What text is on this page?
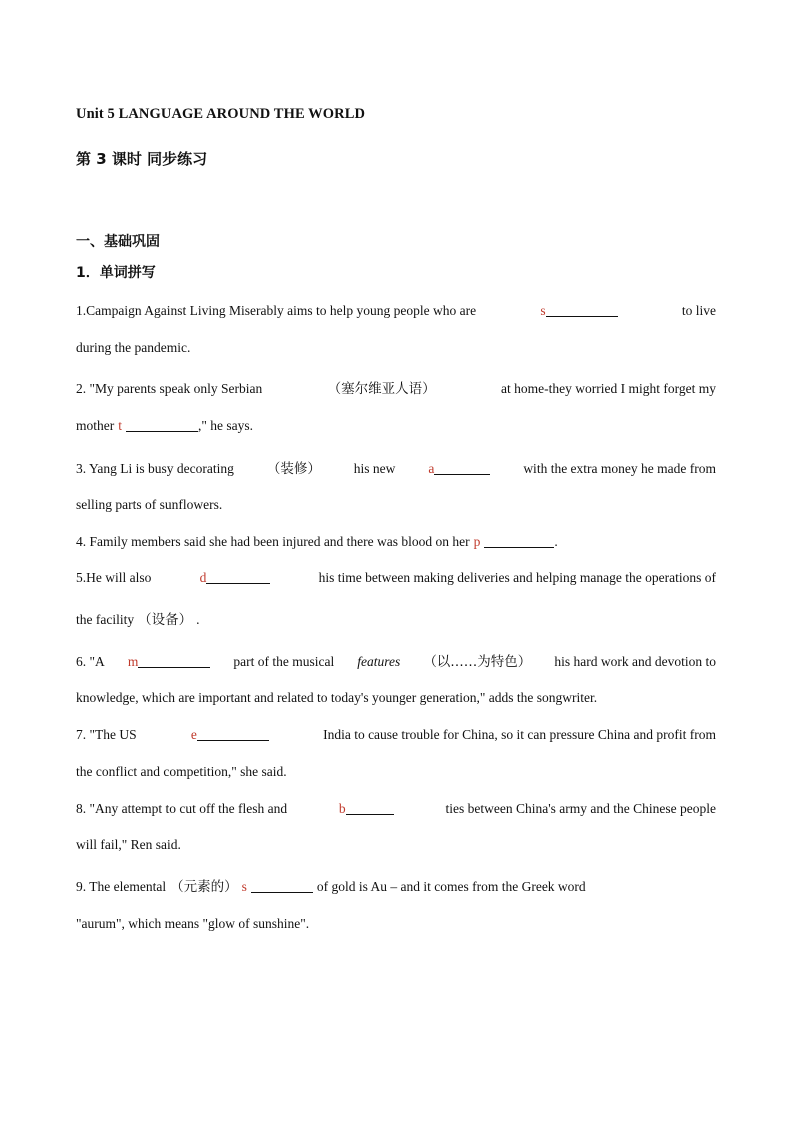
Unit 5 LANGUAGE AROUND THE WORLD
第 3 课时 同步练习
一、基础巩固
1．单词拼写
1.Campaign Against Living Miserably aims to help young people who are	s	to live
during the pandemic.
2. "My parents speak only Serbian	（塞尔维亚人语）	at home-they worried I might forget my
mother t	," he says.
3. Yang Li is busy decorating （装修） his new a	with the extra money he made from
selling parts of sunflowers.
4. Family members said she had been injured and there was blood on her p	.
5.He will also	d	his time between making deliveries and helping manage the operations of
the facility （设备） .
6. "A m	part of the musical features （以……为特色） his hard work and devotion to
knowledge, which are important and related to today's younger generation," adds the songwriter.
7. "The US	e	India to cause trouble for China, so it can pressure China and profit from
the conflict and competition," she said.
8. "Any attempt to cut off the flesh and	b	ties between China's army and the Chinese people
will fail," Ren said.
9. The elemental （元素的） s	of gold is Au – and it comes from the Greek word
"aurum", which means "glow of sunshine".
